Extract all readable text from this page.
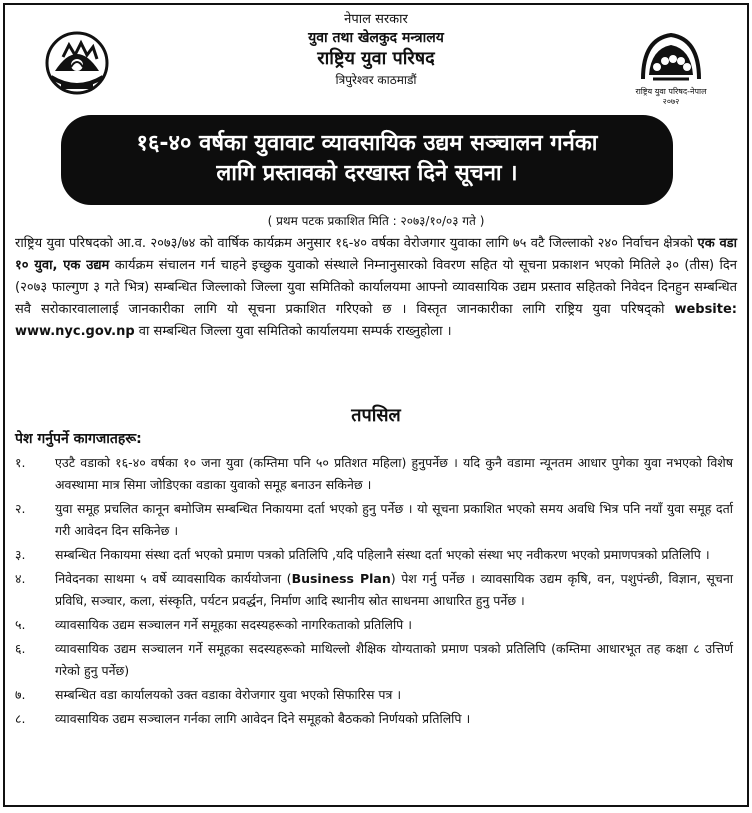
नेपाल सरकार
युवा तथा खेलकुद मन्त्रालय
राष्ट्रिय युवा परिषद
त्रिपुरेश्वर काठमाडौं
राष्ट्रिय युवा परिषद-नेपाल
२०७२
१६-४० वर्षका युवावाट व्यावसायिक उद्यम सञ्चालन गर्नका
लागि प्रस्तावको दरखास्त दिने सूचना ।
( प्रथम पटक प्रकाशित मिति : २०७३/१०/०३ गते )
राष्ट्रिय युवा परिषदको आ.व. २०७३/७४ को वार्षिक कार्यक्रम अनुसार १६-४० वर्षका वेरोजगार युवाका लागि ७५ वटै जिल्लाको २४० निर्वाचन क्षेत्रको एक वडा १० युवा, एक उद्यम कार्यक्रम संचालन गर्न चाहने इच्छुक युवाको संस्थाले निम्नानुसारको विवरण सहित यो सूचना प्रकाशन भएको मितिले ३० (तीस) दिन (२०७३ फाल्गुण ३ गते भित्र) सम्बन्धित जिल्लाको जिल्ला युवा समितिको कार्यालयमा आफ्नो व्यावसायिक उद्यम प्रस्ताव सहितको निवेदन दिनहुन सम्बन्धित सवै सरोकारवालालाई जानकारीका लागि यो सूचना प्रकाशित गरिएको छ । विस्तृत जानकारीका लागि राष्ट्रिय युवा परिषद्को website: www.nyc.gov.np वा सम्बन्धित जिल्ला युवा समितिको कार्यालयमा सम्पर्क राख्नुहोला ।
तपसिल
पेश गर्नुपर्ने कागजातहरू:
१.	एउटै वडाको १६-४० वर्षका १० जना युवा (कम्तिमा पनि ५० प्रतिशत महिला) हुनुपर्नेछ । यदि कुनै वडामा न्यूनतम आधार पुगेका युवा नभएको विशेष अवस्थामा मात्र सिमा जोडिएका वडाका युवाको समूह बनाउन सकिनेछ ।
२.	युवा समूह प्रचलित कानून बमोजिम सम्बन्धित निकायमा दर्ता भएको हुनु पर्नेछ । यो सूचना प्रकाशित भएको समय अवधि भित्र पनि नयाँ युवा समूह दर्ता गरी आवेदन दिन सकिनेछ ।
३.	सम्बन्धित निकायमा संस्था दर्ता भएको प्रमाण पत्रको प्रतिलिपि ,यदि पहिलानै संस्था दर्ता भएको संस्था भए नवीकरण भएको प्रमाणपत्रको प्रतिलिपि ।
४.	निवेदनका साथमा ५ वर्षे व्यावसायिक कार्ययोजना (Business Plan) पेश गर्नु पर्नेछ । व्यावसायिक उद्यम कृषि, वन, पशुपंन्छी, विज्ञान, सूचना प्रविधि, सञ्चार, कला, संस्कृति, पर्यटन प्रवर्द्धन, निर्माण आदि स्थानीय स्रोत साधनमा आधारित हुनु पर्नेछ ।
५.	व्यावसायिक उद्यम सञ्चालन गर्ने समूहका सदस्यहरूको नागरिकताको प्रतिलिपि ।
६.	व्यावसायिक उद्यम सञ्चालन गर्ने समूहका सदस्यहरूको माथिल्लो शैक्षिक योग्यताको प्रमाण पत्रको प्रतिलिपि (कम्तिमा आधारभूत तह कक्षा ८ उत्तिर्ण गरेको हुनु पर्नेछ)
७.	सम्बन्धित वडा कार्यालयको उक्त वडाका वेरोजगार युवा भएको सिफारिस पत्र ।
८.	व्यावसायिक उद्यम सञ्चालन गर्नका लागि आवेदन दिने समूहको बैठकको निर्णयको प्रतिलिपि ।
